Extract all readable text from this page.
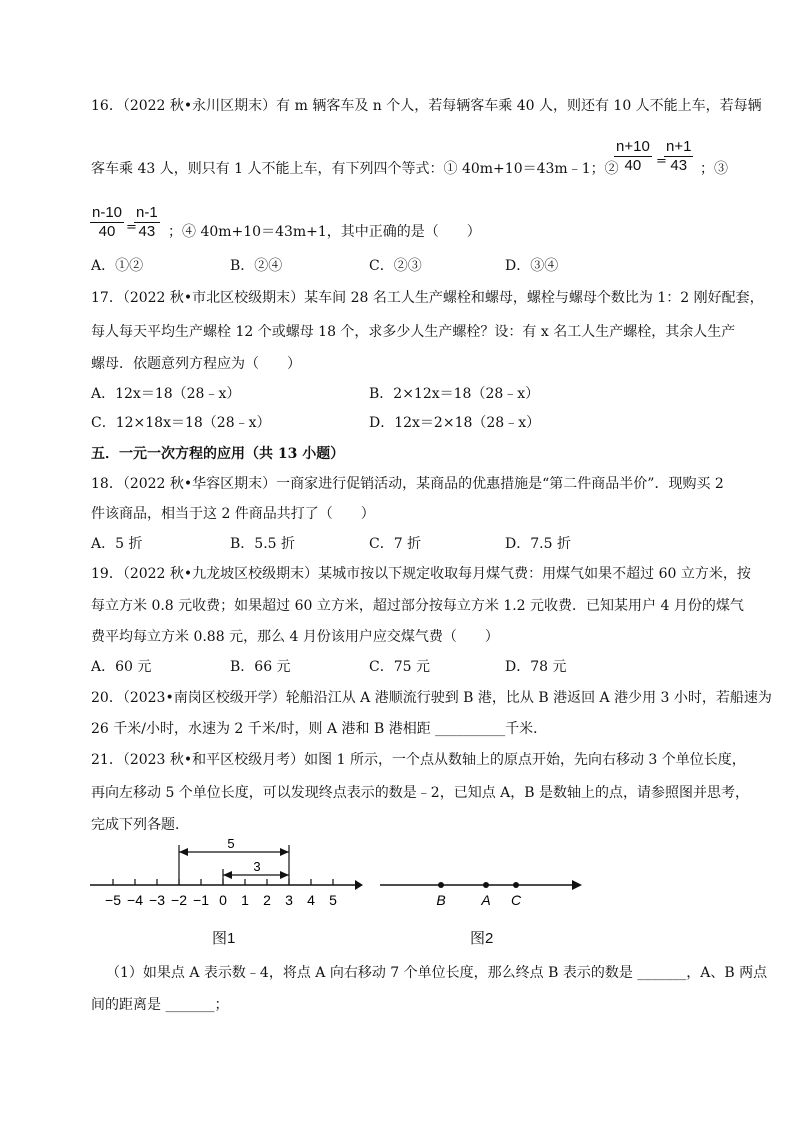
16．（2022 秋•永川区期末）有 m 辆客车及 n 个人，若每辆客车乘 40 人，则还有 10 人不能上车，若每辆
客车乘 43 人，则只有 1 人不能上车，有下列四个等式：① 40m+10＝43m﹣1；②
n+10
40 =
n+1
43 ；③
n-10
40 =
n-1
43 ；④ 40m+10＝43m+1，其中正确的是（　　）
A．①②	B．②④	C．②③	D．③④
17．（2022 秋•市北区校级期末）某车间 28 名工人生产螺栓和螺母，螺栓与螺母个数比为 1：2 刚好配套，
每人每天平均生产螺栓 12 个或螺母 18 个，求多少人生产螺栓？设：有 x 名工人生产螺栓，其余人生产
螺母．依题意列方程应为（　　）
A．12x＝18（28﹣x）	B．2×12x＝18（28﹣x）
C．12×18x＝18（28﹣x）	D．12x＝2×18（28﹣x）
五．一元一次方程的应用（共 13 小题）
18．（2022 秋•华容区期末）一商家进行促销活动，某商品的优惠措施是“第二件商品半价”．现购买 2
件该商品，相当于这 2 件商品共打了（　　）
A．5 折	B．5.5 折	C．7 折	D．7.5 折
19．（2022 秋•九龙坡区校级期末）某城市按以下规定收取每月煤气费：用煤气如果不超过 60 立方米，按
每立方米 0.8 元收费；如果超过 60 立方米，超过部分按每立方米 1.2 元收费．已知某用户 4 月份的煤气
费平均每立方米 0.88 元，那么 4 月份该用户应交煤气费（　　）
A．60 元	B．66 元	C．75 元	D．78 元
20．（2023•南岗区校级开学）轮船沿江从 A 港顺流行驶到 B 港，比从 B 港返回 A 港少用 3 小时，若船速为
26 千米/小时，水速为 2 千米/时，则 A 港和 B 港相距 __________千米．
21．（2023 秋•和平区校级月考）如图 1 所示，一个点从数轴上的原点开始，先向右移动 3 个单位长度，
再向左移动 5 个单位长度，可以发现终点表示的数是﹣2，已知点 A，B 是数轴上的点，请参照图并思考，
完成下列各题．
−5 −4 −3 −2 −1 0 1 2 3 4 5
5
3
图1
B	A C
图2
（1）如果点 A 表示数﹣4，将点 A 向右移动 7 个单位长度，那么终点 B 表示的数是 _______，A、B 两点
间的距离是 _______；
